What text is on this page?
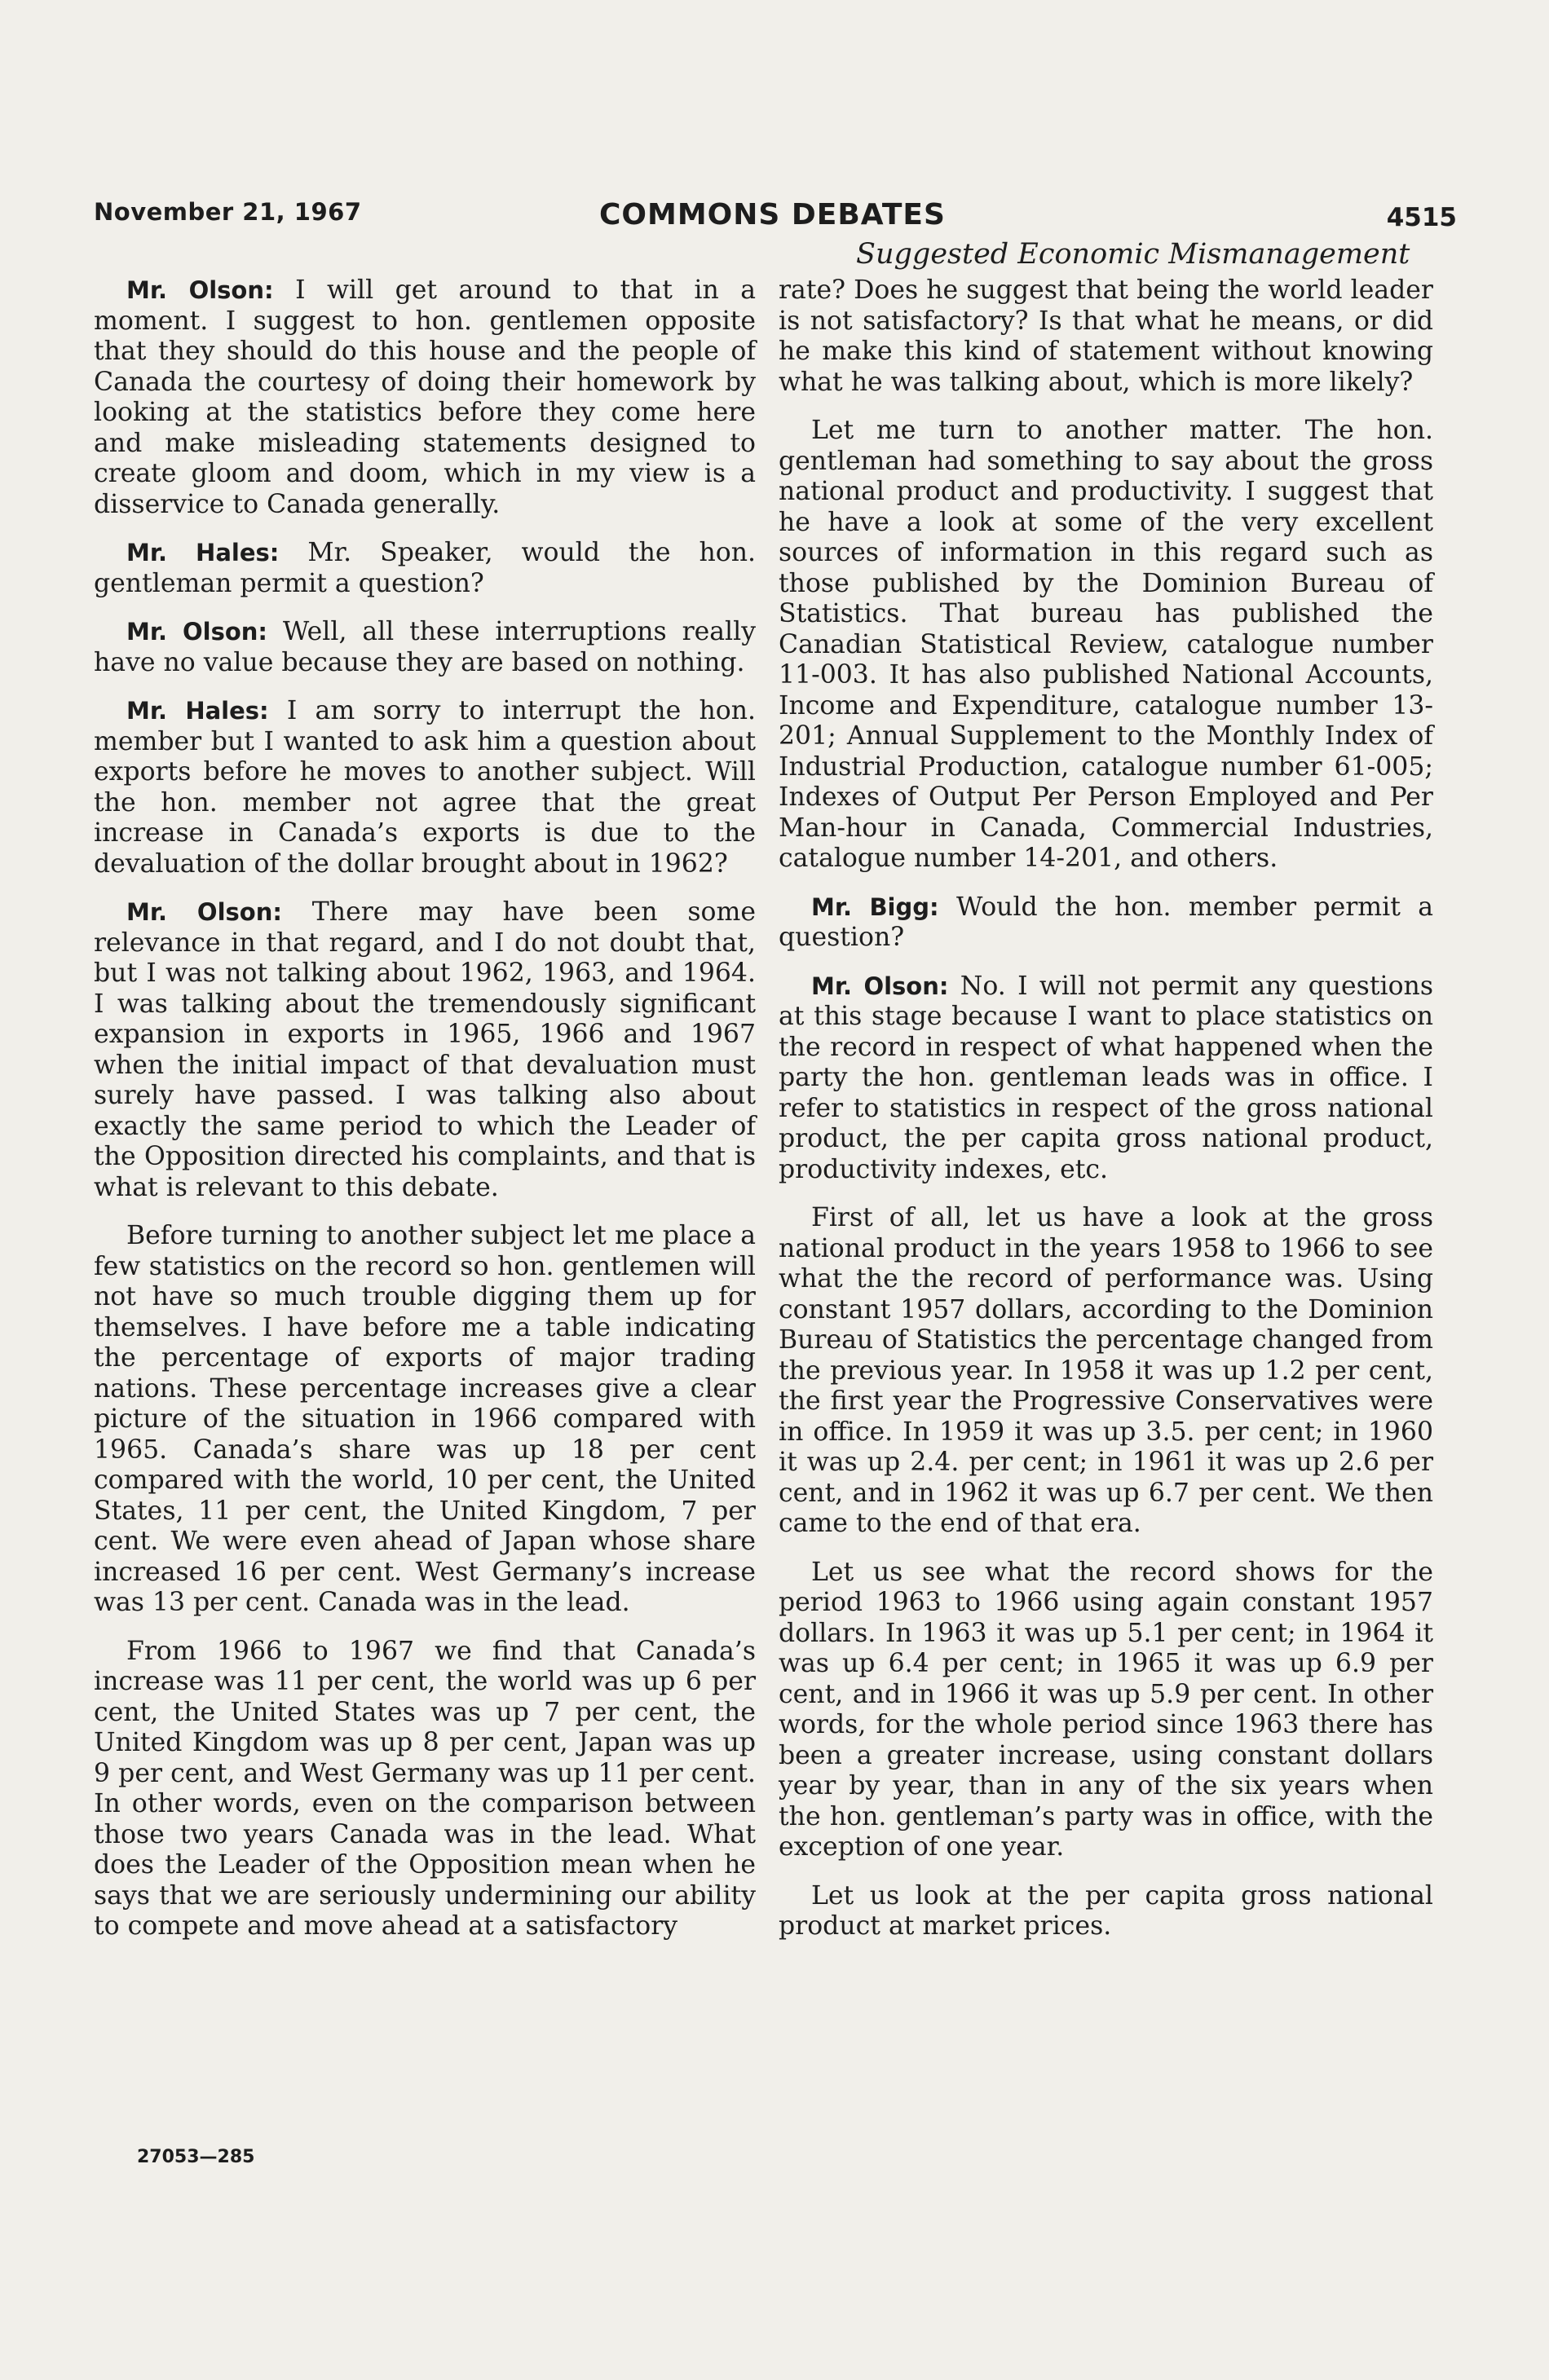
November 21, 1967	COMMONS DEBATES	4515
Suggested Economic Mismanagement

Mr. Olson: I will get around to that in a moment. I suggest to hon. gentlemen opposite that they should do this house and the people of Canada the courtesy of doing their homework by looking at the statistics before they come here and make misleading statements designed to create gloom and doom, which in my view is a disservice to Canada generally.

Mr. Hales: Mr. Speaker, would the hon. gentleman permit a question?

Mr. Olson: Well, all these interruptions really have no value because they are based on nothing.

Mr. Hales: I am sorry to interrupt the hon. member but I wanted to ask him a question about exports before he moves to another subject. Will the hon. member not agree that the great increase in Canada’s exports is due to the devaluation of the dollar brought about in 1962?

Mr. Olson: There may have been some relevance in that regard, and I do not doubt that, but I was not talking about 1962, 1963, and 1964. I was talking about the tremendously significant expansion in exports in 1965, 1966 and 1967 when the initial impact of that devaluation must surely have passed. I was talking also about exactly the same period to which the Leader of the Opposition directed his complaints, and that is what is relevant to this debate.

Before turning to another subject let me place a few statistics on the record so hon. gentlemen will not have so much trouble digging them up for themselves. I have before me a table indicating the percentage of exports of major trading nations. These percentage increases give a clear picture of the situation in 1966 compared with 1965. Canada’s share was up 18 per cent compared with the world, 10 per cent, the United States, 11 per cent, the United Kingdom, 7 per cent. We were even ahead of Japan whose share increased 16 per cent. West Germany’s increase was 13 per cent. Canada was in the lead.

From 1966 to 1967 we find that Canada’s increase was 11 per cent, the world was up 6 per cent, the United States was up 7 per cent, the United Kingdom was up 8 per cent, Japan was up 9 per cent, and West Germany was up 11 per cent. In other words, even on the comparison between those two years Canada was in the lead. What does the Leader of the Opposition mean when he says that we are seriously undermining our ability to compete and move ahead at a satisfactory

rate? Does he suggest that being the world leader is not satisfactory? Is that what he means, or did he make this kind of statement without knowing what he was talking about, which is more likely?

Let me turn to another matter. The hon. gentleman had something to say about the gross national product and productivity. I suggest that he have a look at some of the very excellent sources of information in this regard such as those published by the Dominion Bureau of Statistics. That bureau has published the Canadian Statistical Review, catalogue number 11-003. It has also published National Accounts, Income and Expenditure, catalogue number 13-201; Annual Supplement to the Monthly Index of Industrial Production, catalogue number 61-005; Indexes of Output Per Person Employed and Per Man-hour in Canada, Commercial Industries, catalogue number 14-201, and others.

Mr. Bigg: Would the hon. member permit a question?

Mr. Olson: No. I will not permit any questions at this stage because I want to place statistics on the record in respect of what happened when the party the hon. gentleman leads was in office. I refer to statistics in respect of the gross national product, the per capita gross national product, productivity indexes, etc.

First of all, let us have a look at the gross national product in the years 1958 to 1966 to see what the the record of performance was. Using constant 1957 dollars, according to the Dominion Bureau of Statistics the percentage changed from the previous year. In 1958 it was up 1.2 per cent, the first year the Progressive Conservatives were in office. In 1959 it was up 3.5. per cent; in 1960 it was up 2.4. per cent; in 1961 it was up 2.6 per cent, and in 1962 it was up 6.7 per cent. We then came to the end of that era.

Let us see what the record shows for the period 1963 to 1966 using again constant 1957 dollars. In 1963 it was up 5.1 per cent; in 1964 it was up 6.4 per cent; in 1965 it was up 6.9 per cent, and in 1966 it was up 5.9 per cent. In other words, for the whole period since 1963 there has been a greater increase, using constant dollars year by year, than in any of the six years when the hon. gentleman’s party was in office, with the exception of one year.

Let us look at the per capita gross national product at market prices.

27053—285
